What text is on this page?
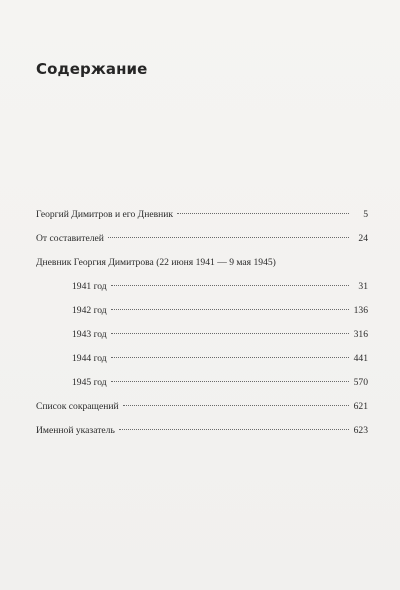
Содержание
Георгий Димитров и его Дневник	5
От составителей	24
Дневник Георгия Димитрова (22 июня 1941 — 9 мая 1945)
1941 год	31
1942 год	136
1943 год	316
1944 год	441
1945 год	570
Список сокращений	621
Именной указатель	623
